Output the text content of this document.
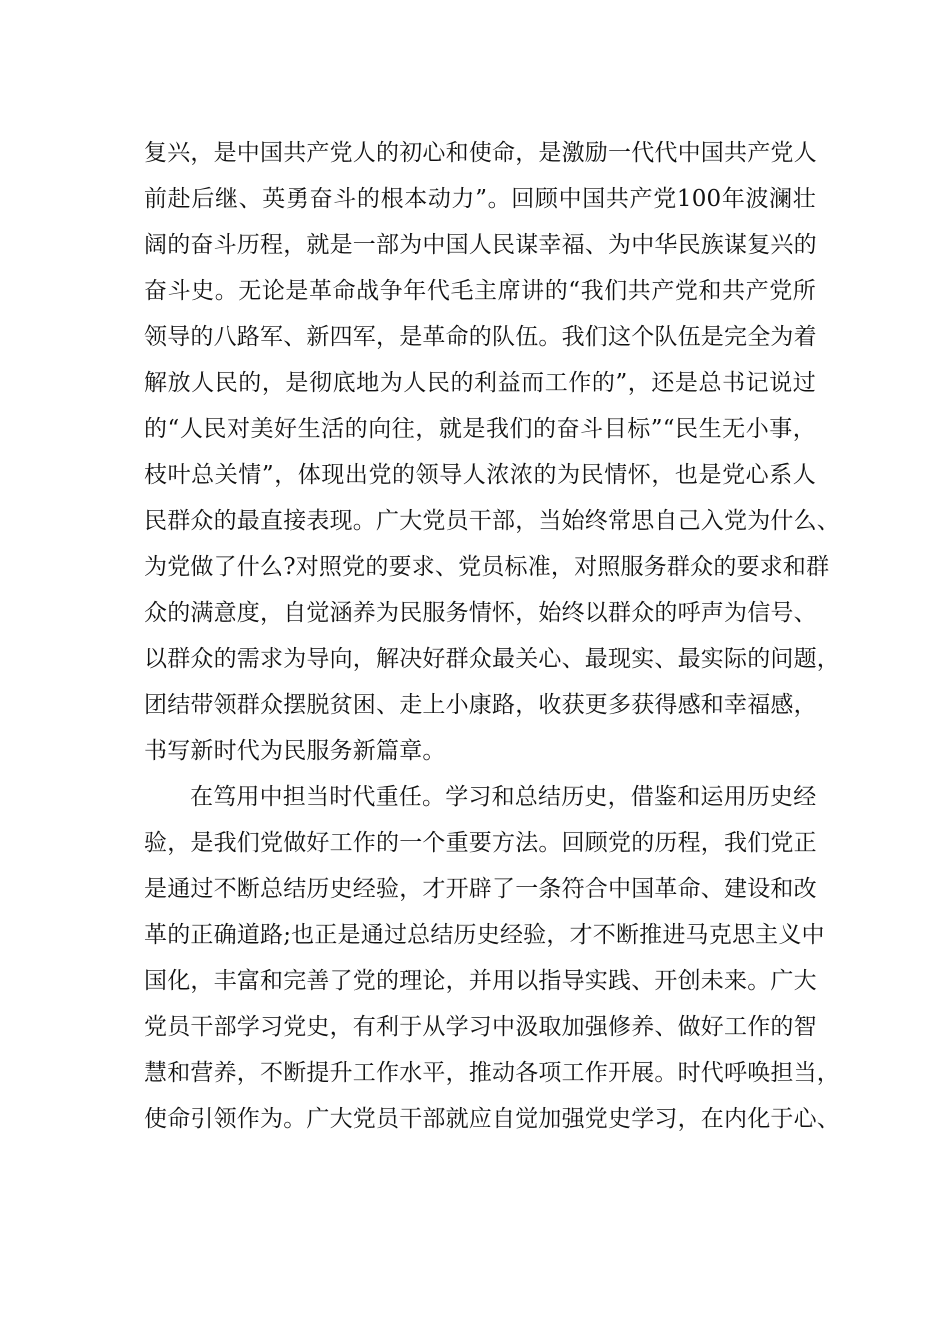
复兴，是中国共产党人的初心和使命，是激励一代代中国共产党人
前赴后继、英勇奋斗的根本动力”。回顾中国共产党100年波澜壮
阔的奋斗历程，就是一部为中国人民谋幸福、为中华民族谋复兴的
奋斗史。无论是革命战争年代毛主席讲的“我们共产党和共产党所
领导的八路军、新四军，是革命的队伍。我们这个队伍是完全为着
解放人民的，是彻底地为人民的利益而工作的”，还是总书记说过
的“人民对美好生活的向往，就是我们的奋斗目标”“民生无小事，
枝叶总关情”，体现出党的领导人浓浓的为民情怀，也是党心系人
民群众的最直接表现。广大党员干部，当始终常思自己入党为什么、
为党做了什么?对照党的要求、党员标准，对照服务群众的要求和群
众的满意度，自觉涵养为民服务情怀，始终以群众的呼声为信号、
以群众的需求为导向，解决好群众最关心、最现实、最实际的问题，
团结带领群众摆脱贫困、走上小康路，收获更多获得感和幸福感，
书写新时代为民服务新篇章。
在笃用中担当时代重任。学习和总结历史，借鉴和运用历史经
验，是我们党做好工作的一个重要方法。回顾党的历程，我们党正
是通过不断总结历史经验，才开辟了一条符合中国革命、建设和改
革的正确道路;也正是通过总结历史经验，才不断推进马克思主义中
国化，丰富和完善了党的理论，并用以指导实践、开创未来。广大
党员干部学习党史，有利于从学习中汲取加强修养、做好工作的智
慧和营养，不断提升工作水平，推动各项工作开展。时代呼唤担当，
使命引领作为。广大党员干部就应自觉加强党史学习，在内化于心、
